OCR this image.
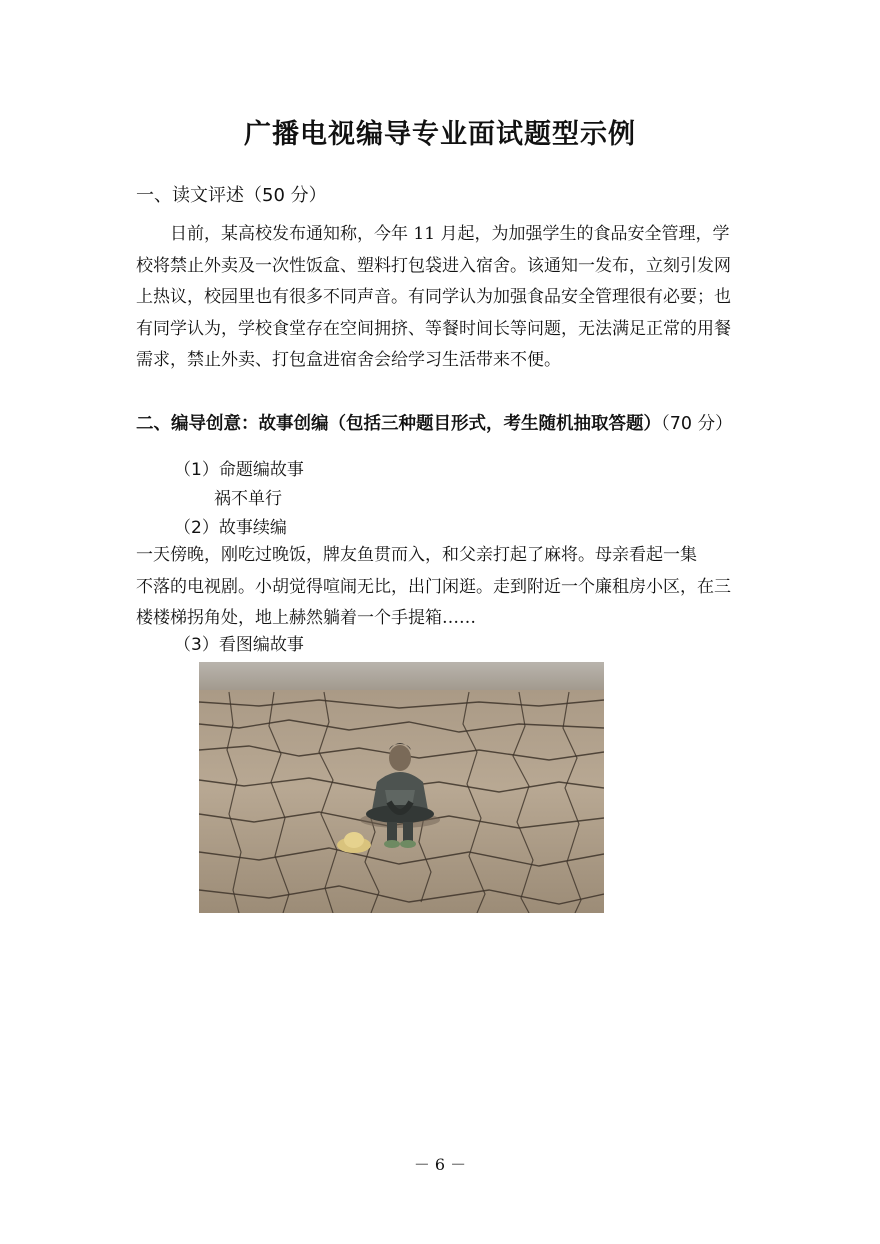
广播电视编导专业面试题型示例
一、读文评述（50 分）
　　日前，某高校发布通知称，今年 11 月起，为加强学生的食品安全管理，学
校将禁止外卖及一次性饭盒、塑料打包袋进入宿舍。该通知一发布，立刻引发网
上热议，校园里也有很多不同声音。有同学认为加强食品安全管理很有必要；也
有同学认为，学校食堂存在空间拥挤、等餐时间长等问题，无法满足正常的用餐
需求，禁止外卖、打包盒进宿舍会给学习生活带来不便。
二、编导创意：故事创编（包括三种题目形式，考生随机抽取答题）（70 分）
（1）命题编故事
祸不单行
（2）故事续编
一天傍晚，刚吃过晚饭，牌友鱼贯而入，和父亲打起了麻将。母亲看起一集
不落的电视剧。小胡觉得喧闹无比，出门闲逛。走到附近一个廉租房小区，在三
楼楼梯拐角处，地上赫然躺着一个手提箱……
（3）看图编故事
－ 6 －
